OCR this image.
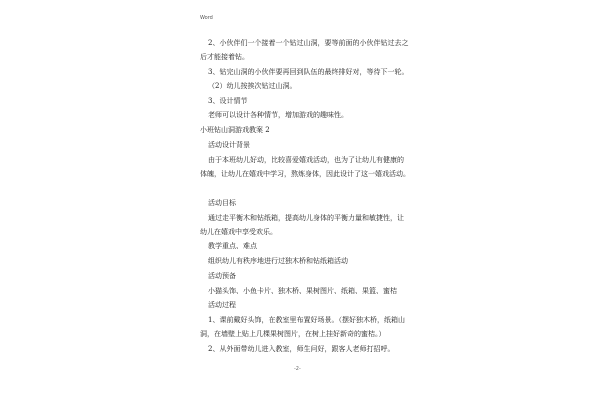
Word
2、小伙伴们一个接着一个钻过山洞，要等前面的小伙伴钻过去之
后才能接着钻。
3、钻完山洞的小伙伴要再回到队伍的最终排好对，等待下一轮。
（2）幼儿按挨次钻过山洞。
3、设计情节
老师可以设计各种情节，增加游戏的趣味性。
小班钻山洞游戏教案 2
活动设计背景
由于本班幼儿好动，比较喜爱嬉戏活动，也为了让幼儿有健康的
体魄，让幼儿在嬉戏中学习，熬炼身体，因此设计了这一嬉戏活动。
活动目标
通过走平衡木和钻纸箱，提高幼儿身体的平衡力量和敏捷性，让
幼儿在嬉戏中享受欢乐。
教学重点、难点
组织幼儿有秩序地进行过独木桥和钻纸箱活动
活动预备
小猫头饰、小鱼卡片、独木桥、果树图片、纸箱、果篮、蜜桔
活动过程
1、课前戴好头饰，在教室里布置好场景。（摆好独木桥，纸箱山
洞，在墙壁上贴上几棵果树图片，在树上挂好新奇的蜜桔。）
2、从外面带幼儿进入教室，师生问好，跟客人老师打招呼。
-2-
